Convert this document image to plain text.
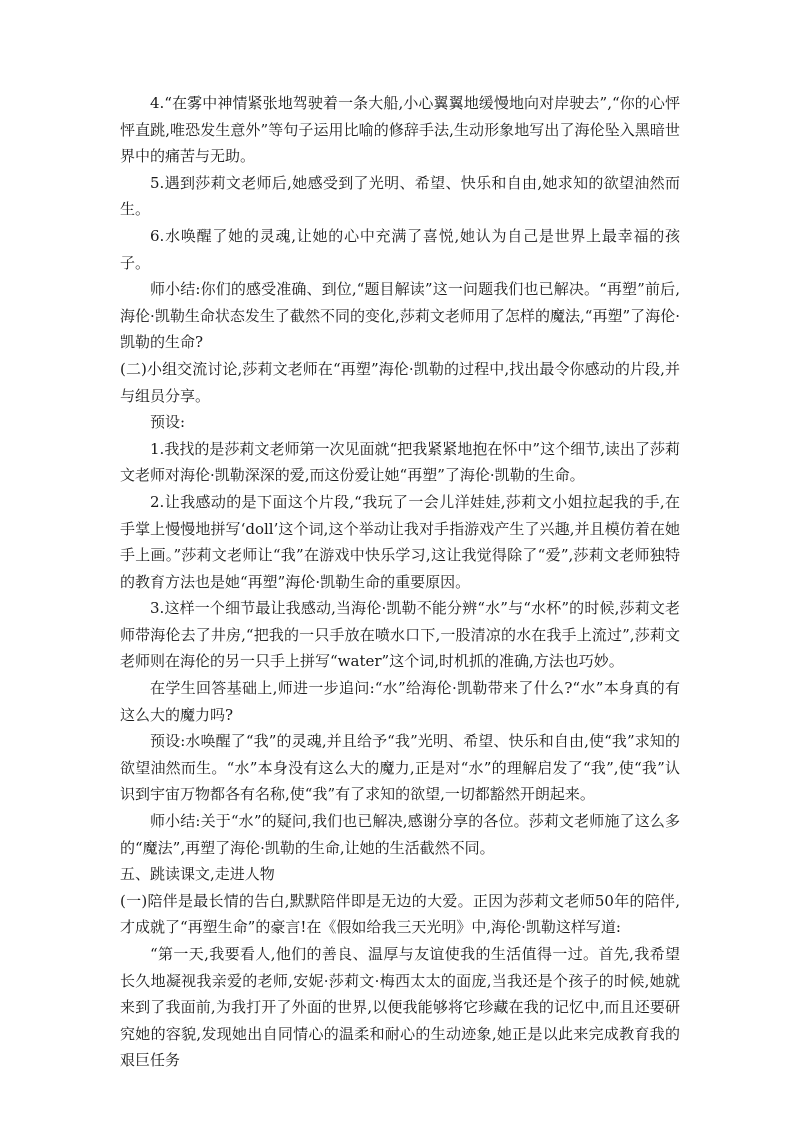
4.“在雾中神情紧张地驾驶着一条大船,小心翼翼地缓慢地向对岸驶去”,“你的心怦怦直跳,唯恐发生意外”等句子运用比喻的修辞手法,生动形象地写出了海伦坠入黑暗世界中的痛苦与无助。

5.遇到莎莉文老师后,她感受到了光明、希望、快乐和自由,她求知的欲望油然而生。

6.水唤醒了她的灵魂,让她的心中充满了喜悦,她认为自己是世界上最幸福的孩子。

师小结:你们的感受准确、到位,“题目解读”这一问题我们也已解决。“再塑”前后,海伦·凯勒生命状态发生了截然不同的变化,莎莉文老师用了怎样的魔法,“再塑”了海伦·凯勒的生命?

(二)小组交流讨论,莎莉文老师在“再塑”海伦·凯勒的过程中,找出最令你感动的片段,并与组员分享。

预设:

1.我找的是莎莉文老师第一次见面就“把我紧紧地抱在怀中”这个细节,读出了莎莉文老师对海伦·凯勒深深的爱,而这份爱让她“再塑”了海伦·凯勒的生命。

2.让我感动的是下面这个片段,“我玩了一会儿洋娃娃,莎莉文小姐拉起我的手,在手掌上慢慢地拼写‘doll’这个词,这个举动让我对手指游戏产生了兴趣,并且模仿着在她手上画。”莎莉文老师让“我”在游戏中快乐学习,这让我觉得除了“爱”,莎莉文老师独特的教育方法也是她“再塑”海伦·凯勒生命的重要原因。

3.这样一个细节最让我感动,当海伦·凯勒不能分辨“水”与“水杯”的时候,莎莉文老师带海伦去了井房,“把我的一只手放在喷水口下,一股清凉的水在我手上流过”,莎莉文老师则在海伦的另一只手上拼写“water”这个词,时机抓的准确,方法也巧妙。

在学生回答基础上,师进一步追问:“水”给海伦·凯勒带来了什么?“水”本身真的有这么大的魔力吗?

预设:水唤醒了“我”的灵魂,并且给予“我”光明、希望、快乐和自由,使“我”求知的欲望油然而生。“水”本身没有这么大的魔力,正是对“水”的理解启发了“我”,使“我”认识到宇宙万物都各有名称,使“我”有了求知的欲望,一切都豁然开朗起来。

师小结:关于“水”的疑问,我们也已解决,感谢分享的各位。莎莉文老师施了这么多的“魔法”,再塑了海伦·凯勒的生命,让她的生活截然不同。

五、跳读课文,走进人物

(一)陪伴是最长情的告白,默默陪伴即是无边的大爱。正因为莎莉文老师50年的陪伴,才成就了“再塑生命”的豪言!在《假如给我三天光明》中,海伦·凯勒这样写道:

“第一天,我要看人,他们的善良、温厚与友谊使我的生活值得一过。首先,我希望长久地凝视我亲爱的老师,安妮·莎莉文·梅西太太的面庞,当我还是个孩子的时候,她就来到了我面前,为我打开了外面的世界,以便我能够将它珍藏在我的记忆中,而且还要研究她的容貌,发现她出自同情心的温柔和耐心的生动迹象,她正是以此来完成教育我的艰巨任务
